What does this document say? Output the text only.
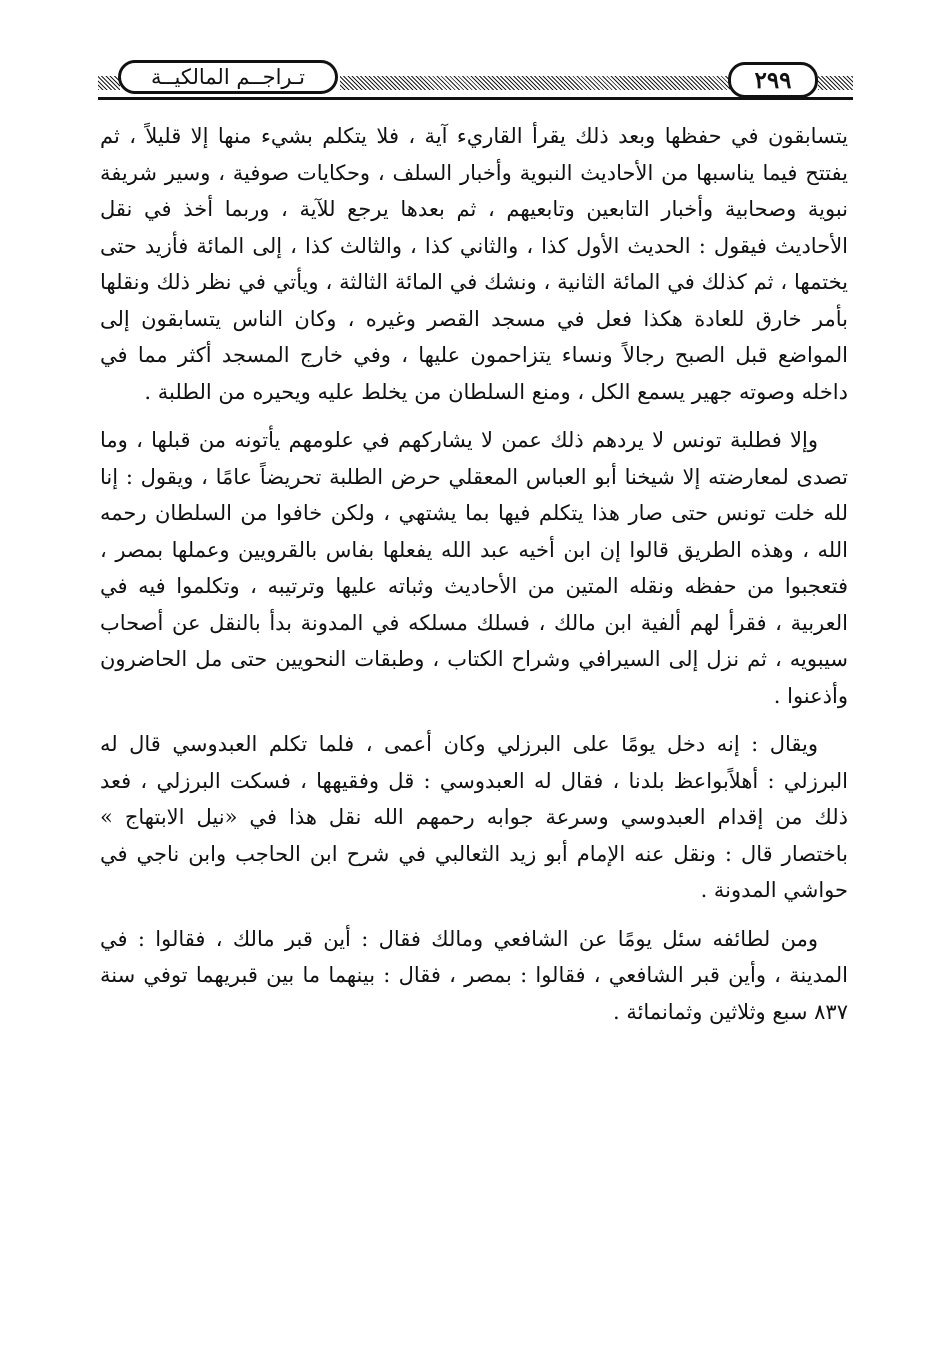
تـراجــم المالكيــة	٢٩٩

يتسابقون في حفظها وبعد ذلك يقرأ القاريء آية ، فلا يتكلم بشيء منها إلا قليلاً ، ثم يفتتح فيما يناسبها من الأحاديث النبوية وأخبار السلف ، وحكايات صوفية ، وسير شريفة نبوية وصحابية وأخبار التابعين وتابعيهم ، ثم بعدها يرجع للآية ، وربما أخذ في نقل الأحاديث فيقول : الحديث الأول كذا ، والثاني كذا ، والثالث كذا ، إلى المائة فأزيد حتى يختمها ، ثم كذلك في المائة الثانية ، ونشك في المائة الثالثة ، ويأتي في نظر ذلك ونقلها بأمر خارق للعادة هكذا فعل في مسجد القصر وغيره ، وكان الناس يتسابقون إلى المواضع قبل الصبح رجالاً ونساء يتزاحمون عليها ، وفي خارج المسجد أكثر مما في داخله وصوته جهير يسمع الكل ، ومنع السلطان من يخلط عليه ويحيره من الطلبة .

وإلا فطلبة تونس لا يردهم ذلك عمن لا يشاركهم في علومهم يأتونه من قبلها ، وما تصدى لمعارضته إلا شيخنا أبو العباس المعقلي حرض الطلبة تحريضاً عامًا ، ويقول : إنا لله خلت تونس حتى صار هذا يتكلم فيها بما يشتهي ، ولكن خافوا من السلطان رحمه الله ، وهذه الطريق قالوا إن ابن أخيه عبد الله يفعلها بفاس بالقرويين وعملها بمصر ، فتعجبوا من حفظه ونقله المتين من الأحاديث وثباته عليها وترتيبه ، وتكلموا فيه في العربية ، فقرأ لهم ألفية ابن مالك ، فسلك مسلكه في المدونة بدأ بالنقل عن أصحاب سيبويه ، ثم نزل إلى السيرافي وشراح الكتاب ، وطبقات النحويين حتى مل الحاضرون وأذعنوا .

ويقال : إنه دخل يومًا على البرزلي وكان أعمى ، فلما تكلم العبدوسي قال له البرزلي : أهلاًبواعظ بلدنا ، فقال له العبدوسي : قل وفقيهها ، فسكت البرزلي ، فعد ذلك من إقدام العبدوسي وسرعة جوابه رحمهم الله نقل هذا في «نيل الابتهاج » باختصار قال : ونقل عنه الإمام أبو زيد الثعالبي في شرح ابن الحاجب وابن ناجي في حواشي المدونة .

ومن لطائفه سئل يومًا عن الشافعي ومالك فقال : أين قبر مالك ، فقالوا : في المدينة ، وأين قبر الشافعي ، فقالوا : بمصر ، فقال : بينهما ما بين قبريهما توفي سنة ٨٣٧ سبع وثلاثين وثمانمائة .
